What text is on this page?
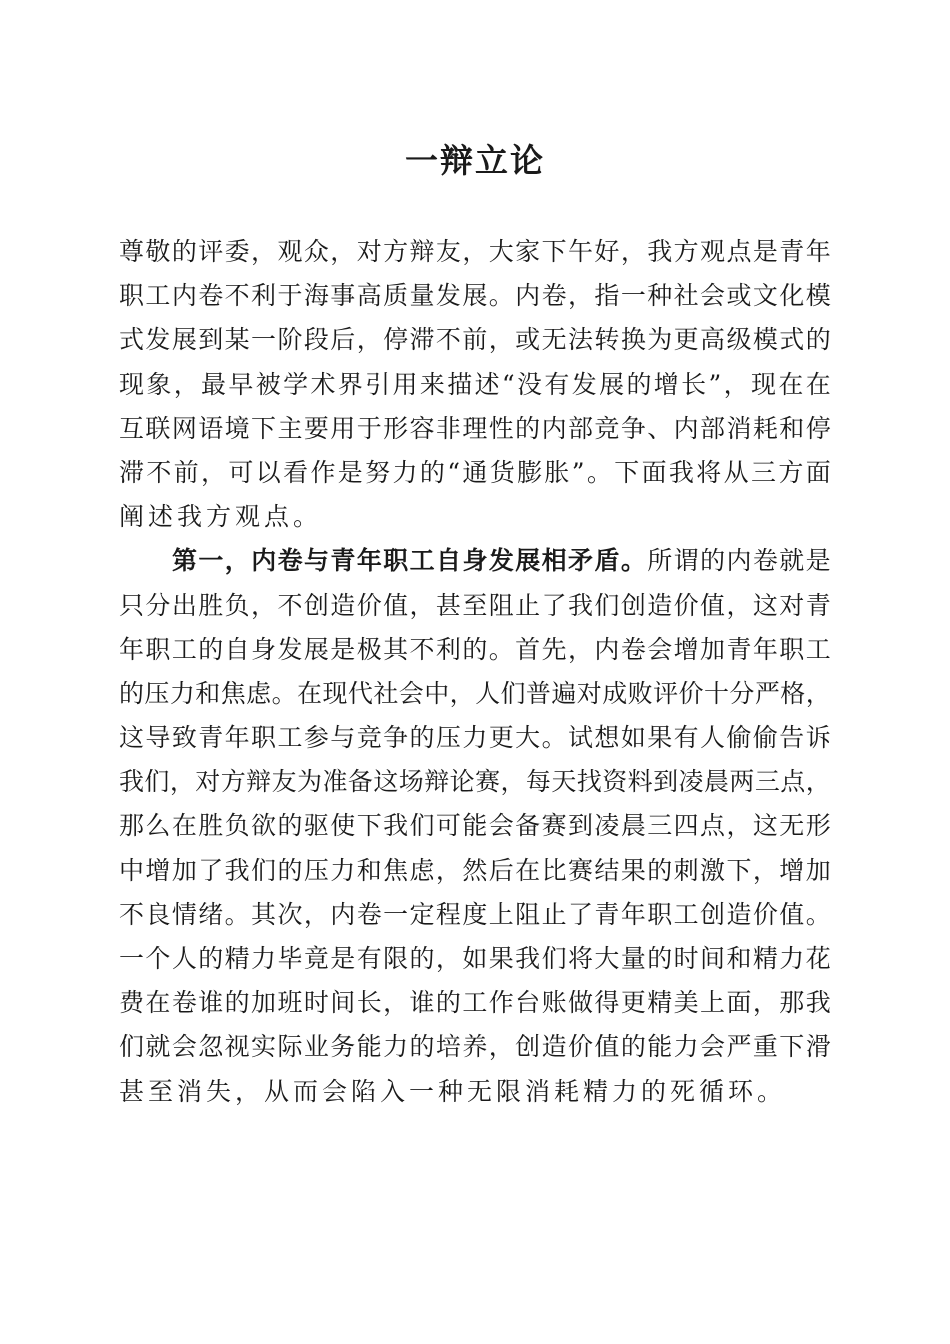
一辩立论
尊敬的评委，观众，对方辩友，大家下午好，我方观点是青年
职工内卷不利于海事高质量发展。内卷，指一种社会或文化模
式发展到某一阶段后，停滞不前，或无法转换为更高级模式的
现象，最早被学术界引用来描述“没有发展的增长”，现在在
互联网语境下主要用于形容非理性的内部竞争、内部消耗和停
滞不前，可以看作是努力的“通货膨胀”。下面我将从三方面
阐述我方观点。
第一，内卷与青年职工自身发展相矛盾。所谓的内卷就是
只分出胜负，不创造价值，甚至阻止了我们创造价值，这对青
年职工的自身发展是极其不利的。首先，内卷会增加青年职工
的压力和焦虑。在现代社会中，人们普遍对成败评价十分严格，
这导致青年职工参与竞争的压力更大。试想如果有人偷偷告诉
我们，对方辩友为准备这场辩论赛，每天找资料到凌晨两三点，
那么在胜负欲的驱使下我们可能会备赛到凌晨三四点，这无形
中增加了我们的压力和焦虑，然后在比赛结果的刺激下，增加
不良情绪。其次，内卷一定程度上阻止了青年职工创造价值。
一个人的精力毕竟是有限的，如果我们将大量的时间和精力花
费在卷谁的加班时间长，谁的工作台账做得更精美上面，那我
们就会忽视实际业务能力的培养，创造价值的能力会严重下滑
甚至消失，从而会陷入一种无限消耗精力的死循环。
